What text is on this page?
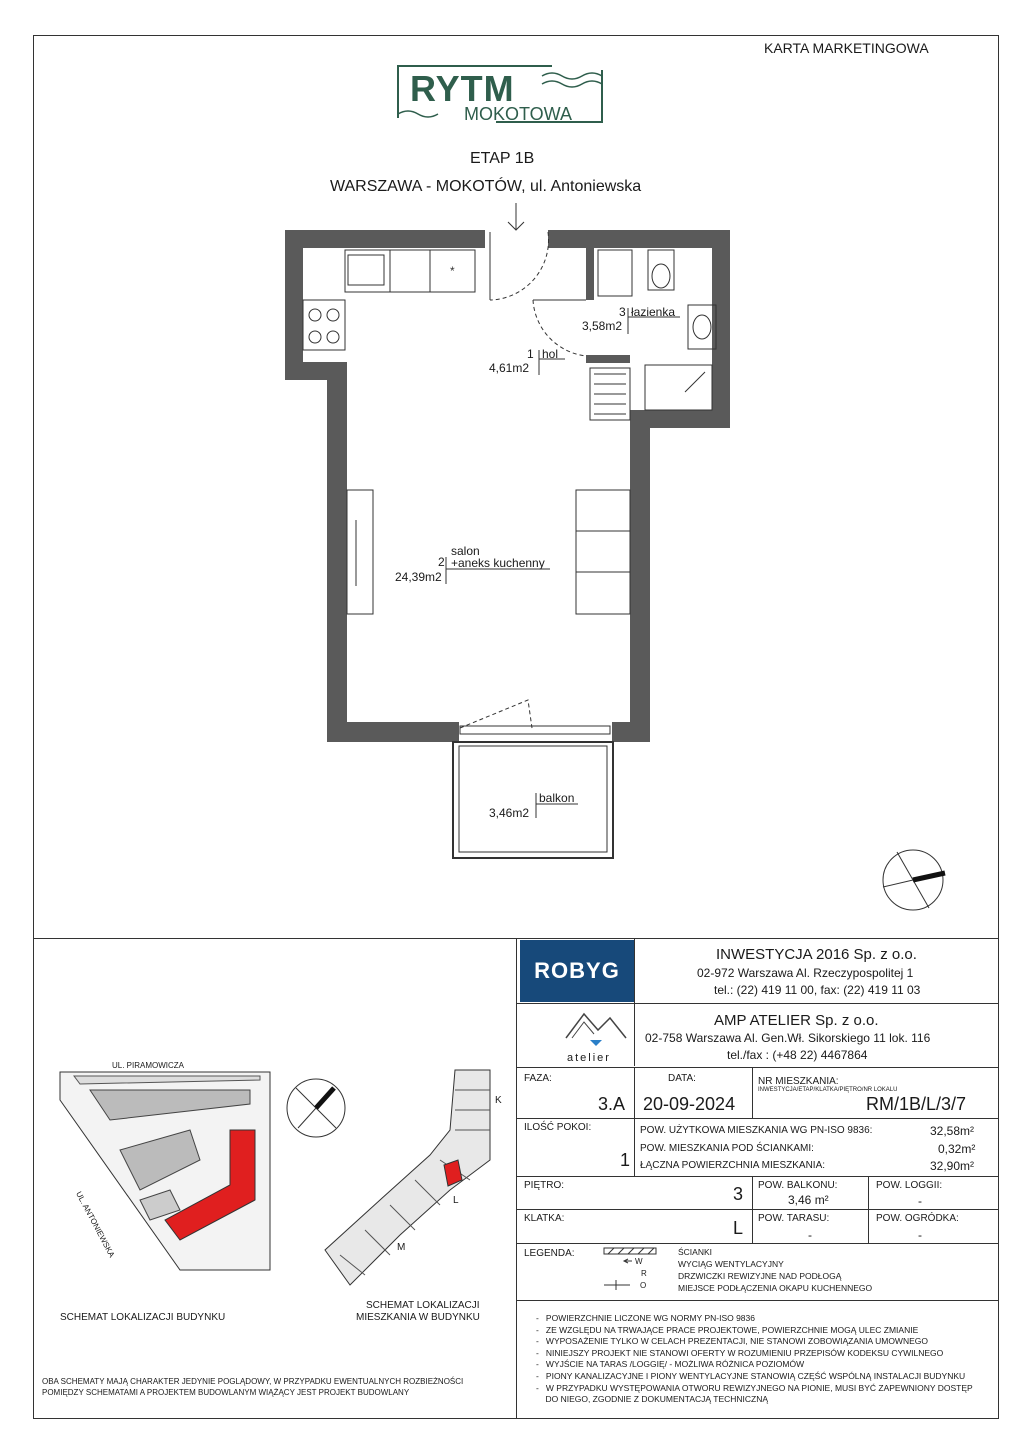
KARTA MARKETINGOWA
RYTM
MOKOTOWA
ETAP 1B
WARSZAWA - MOKOTÓW, ul. Antoniewska
*
1 hol
4,61m2
2
salon
+aneks kuchenny
24,39m2
3 łazienka
3,58m2
balkon
3,46m2
ROBYG
INWESTYCJA 2016 Sp. z o.o.
02-972 Warszawa Al. Rzeczypospolitej 1
tel.: (22) 419 11 00, fax: (22) 419 11 03
atelier
AMP ATELIER Sp. z o.o.
02-758 Warszawa Al. Gen.Wł. Sikorskiego 11 lok. 116
tel./fax : (+48 22) 4467864
FAZA:
3.A
DATA:
20-09-2024
NR MIESZKANIA:
INWESTYCJA/ETAP/KLATKA/PIĘTRO/NR LOKALU
RM/1B/L/3/7
ILOŚĆ POKOI:
1
POW. UŻYTKOWA MIESZKANIA WG PN-ISO 9836:	32,58m²
POW. MIESZKANIA POD ŚCIANKAMI:	0,32m²
ŁĄCZNA POWIERZCHNIA MIESZKANIA:	32,90m²
PIĘTRO:	3 POW. BALKONU:
3,46 m²
POW. LOGGII:
-
KLATKA:	L POW. TARASU:
-
POW. OGRÓDKA:
-
LEGENDA:
W
R
O
ŚCIANKI
WYCIĄG WENTYLACYJNY
DRZWICZKI REWIZYJNE NAD PODŁOGĄ
MIEJSCE PODŁĄCZENIA OKAPU KUCHENNEGO
-   POWIERZCHNIE LICZONE WG NORMY PN-ISO 9836
-   ZE WZGLĘDU NA TRWAJĄCE PRACE PROJEKTOWE, POWIERZCHNIE MOGĄ ULEC ZMIANIE
-   WYPOSAŻENIE TYLKO W CELACH PREZENTACJI, NIE STANOWI ZOBOWIĄZANIA UMOWNEGO
-   NINIEJSZY PROJEKT NIE STANOWI OFERTY W ROZUMIENIU PRZEPISÓW KODEKSU CYWILNEGO
-   WYJŚCIE NA TARAS /LOGGIĘ/ - MOŻLIWA RÓŻNICA POZIOMÓW
-   PIONY KANALIZACYJNE I PIONY WENTYLACYJNE STANOWIĄ CZĘŚĆ WSPÓLNĄ INSTALACJI BUDYNKU
-   W PRZYPADKU WYSTĘPOWANIA OTWORU REWIZYJNEGO NA PIONIE, MUSI BYĆ ZAPEWNIONY DOSTĘP
DO NIEGO, ZGODNIE Z DOKUMENTACJĄ TECHNICZNĄ
UL. PIRAMOWICZA
UL. ANTONIEWSKA
K
L
M
SCHEMAT LOKALIZACJI BUDYNKU
SCHEMAT LOKALIZACJI
MIESZKANIA W BUDYNKU
OBA SCHEMATY MAJĄ CHARAKTER JEDYNIE POGLĄDOWY, W PRZYPADKU EWENTUALNYCH ROZBIEŻNOŚCI
POMIĘDZY SCHEMATAMI A PROJEKTEM BUDOWLANYM WIĄŻĄCY JEST PROJEKT BUDOWLANY
